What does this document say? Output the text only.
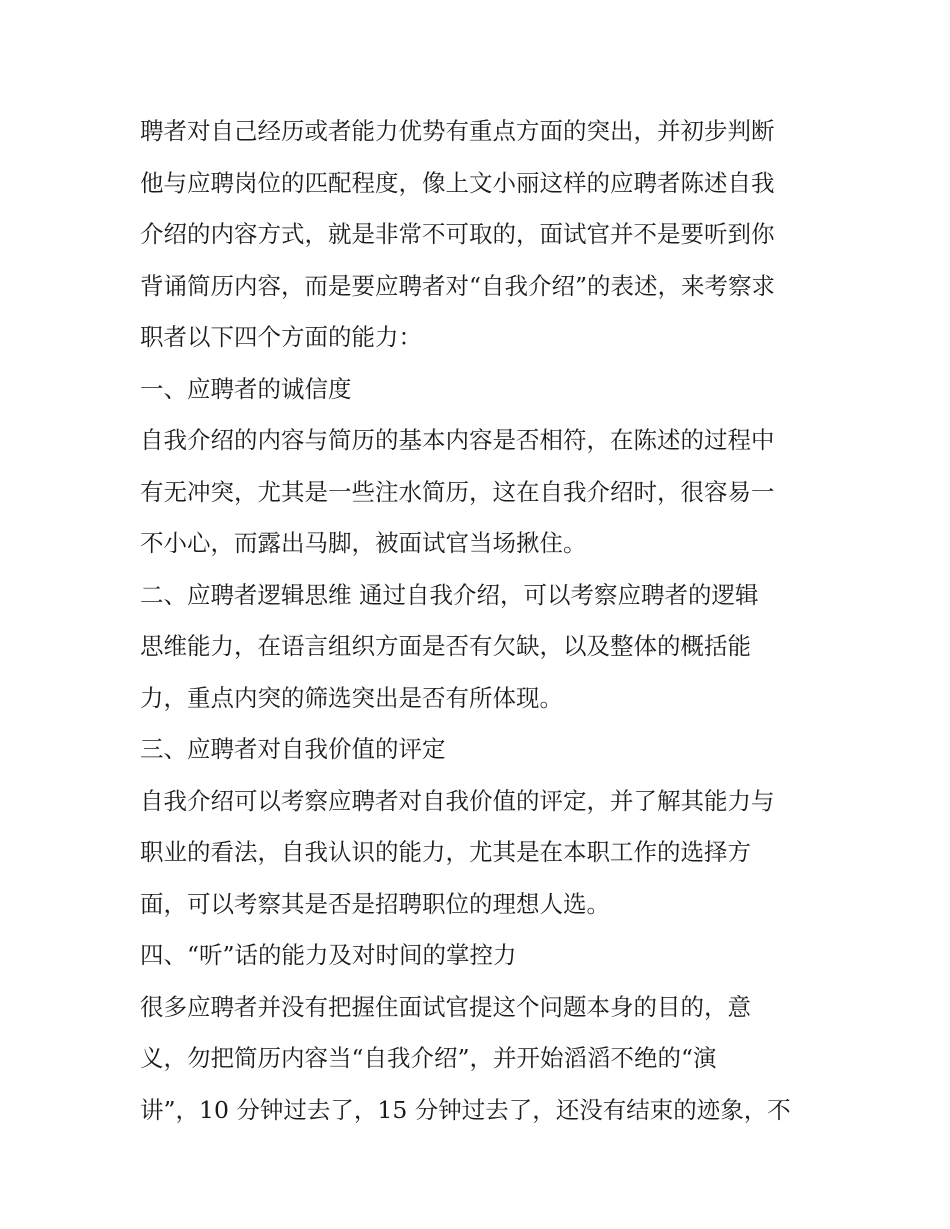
聘者对自己经历或者能力优势有重点方面的突出，并初步判断
他与应聘岗位的匹配程度，像上文小丽这样的应聘者陈述自我
介绍的内容方式，就是非常不可取的，面试官并不是要听到你
背诵简历内容，而是要应聘者对“自我介绍”的表述，来考察求
职者以下四个方面的能力：
一、应聘者的诚信度
自我介绍的内容与简历的基本内容是否相符，在陈述的过程中
有无冲突，尤其是一些注水简历，这在自我介绍时，很容易一
不小心，而露出马脚，被面试官当场揪住。
二、应聘者逻辑思维 通过自我介绍，可以考察应聘者的逻辑
思维能力，在语言组织方面是否有欠缺，以及整体的概括能
力，重点内突的筛选突出是否有所体现。
三、应聘者对自我价值的评定
自我介绍可以考察应聘者对自我价值的评定，并了解其能力与
职业的看法，自我认识的能力，尤其是在本职工作的选择方
面，可以考察其是否是招聘职位的理想人选。
四、“听”话的能力及对时间的掌控力
很多应聘者并没有把握住面试官提这个问题本身的目的，意
义，勿把简历内容当“自我介绍”，并开始滔滔不绝的“演
讲”，10 分钟过去了，15 分钟过去了，还没有结束的迹象，不
